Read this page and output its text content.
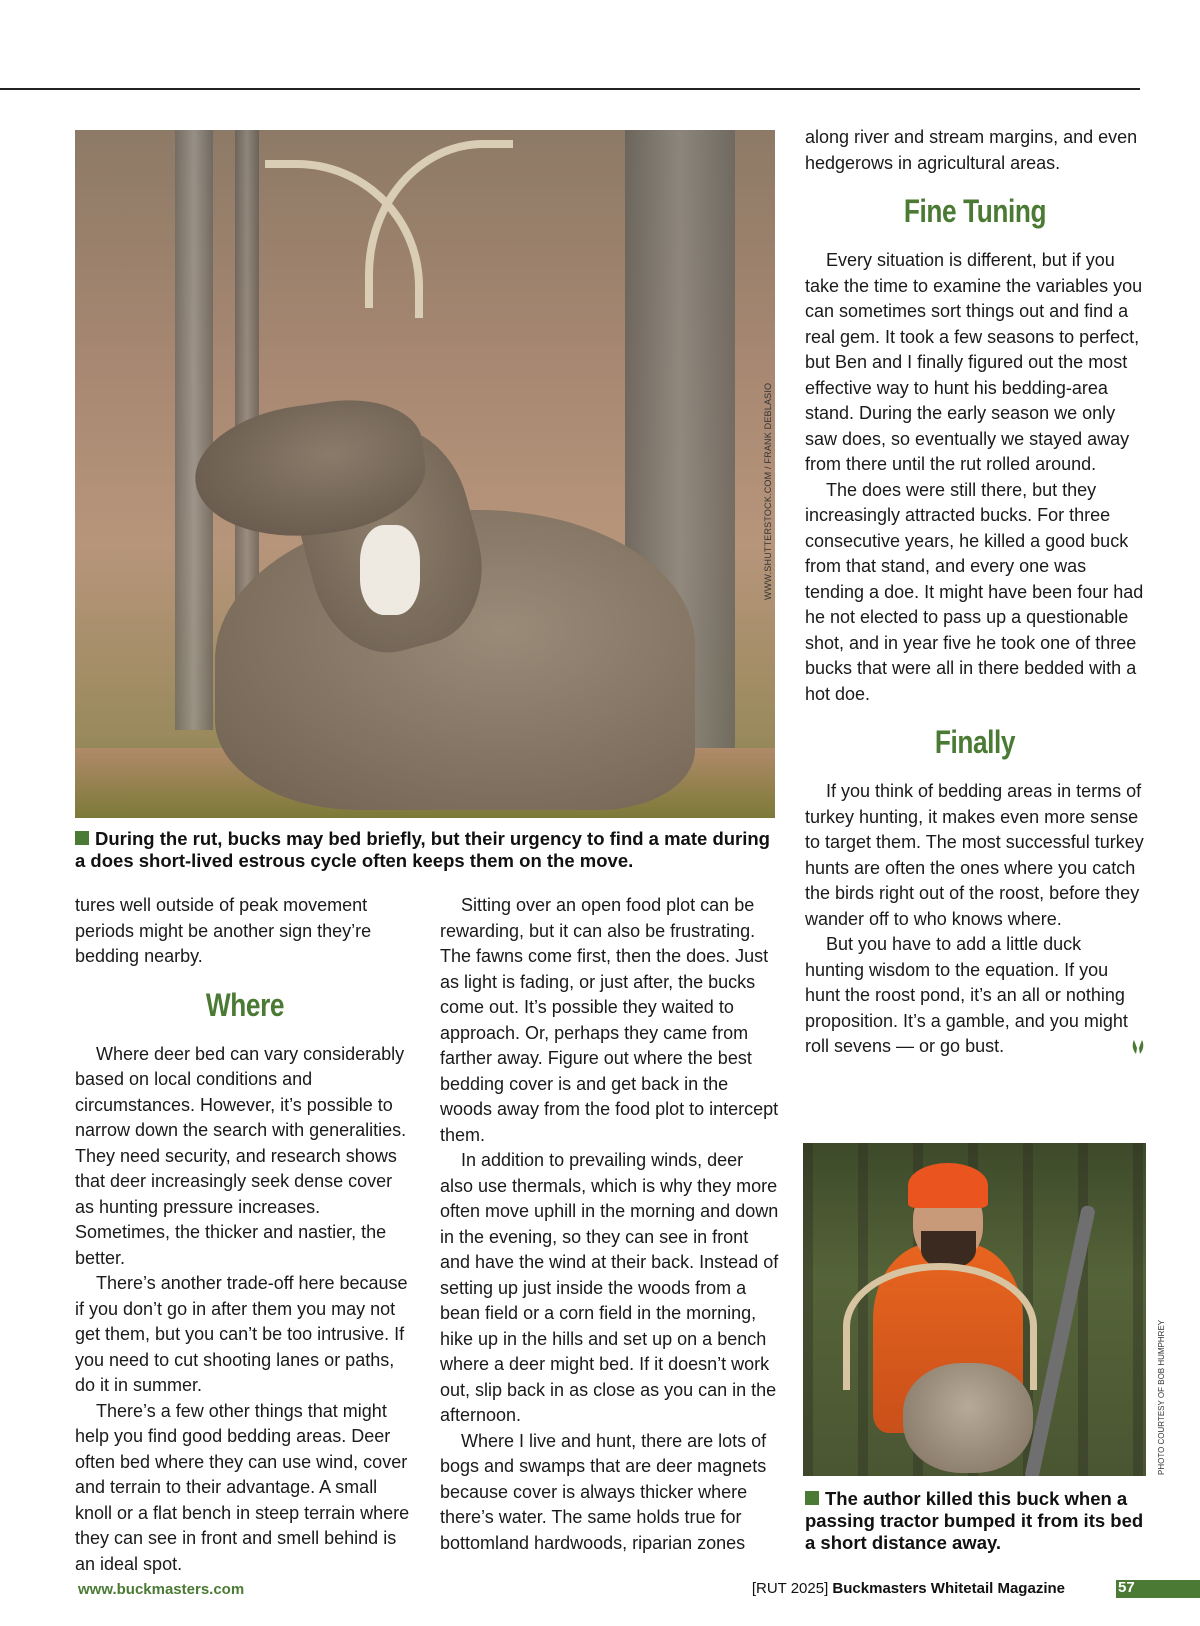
WWW.SHUTTERSTOCK.COM / FRANK DEBLASIO
During the rut, bucks may bed briefly, but their urgency to find a mate during a does short-lived estrous cycle often keeps them on the move.

tures well outside of peak movement periods might be another sign they’re bedding nearby.

Where

Where deer bed can vary considerably based on local conditions and circumstances. However, it’s possible to narrow down the search with generalities. They need security, and research shows that deer increasingly seek dense cover as hunting pressure increases. Sometimes, the thicker and nastier, the better.

There’s another trade-off here because if you don’t go in after them you may not get them, but you can’t be too intrusive. If you need to cut shooting lanes or paths, do it in summer.

There’s a few other things that might help you find good bedding areas. Deer often bed where they can use wind, cover and terrain to their advantage. A small knoll or a flat bench in steep terrain where they can see in front and smell behind is an ideal spot.

Sitting over an open food plot can be rewarding, but it can also be frustrating. The fawns come first, then the does. Just as light is fading, or just after, the bucks come out. It’s possible they waited to approach. Or, perhaps they came from farther away. Figure out where the best bedding cover is and get back in the woods away from the food plot to intercept them.

In addition to prevailing winds, deer also use thermals, which is why they more often move uphill in the morning and down in the evening, so they can see in front and have the wind at their back. Instead of setting up just inside the woods from a bean field or a corn field in the morning, hike up in the hills and set up on a bench where a deer might bed. If it doesn’t work out, slip back in as close as you can in the afternoon.

Where I live and hunt, there are lots of bogs and swamps that are deer magnets because cover is always thicker where there’s water. The same holds true for bottomland hardwoods, riparian zones

along river and stream margins, and even hedgerows in agricultural areas.

Fine Tuning

Every situation is different, but if you take the time to examine the variables you can sometimes sort things out and find a real gem. It took a few seasons to perfect, but Ben and I finally figured out the most effective way to hunt his bedding-area stand. During the early season we only saw does, so eventually we stayed away from there until the rut rolled around.

The does were still there, but they increasingly attracted bucks. For three consecutive years, he killed a good buck from that stand, and every one was tending a doe. It might have been four had he not elected to pass up a questionable shot, and in year five he took one of three bucks that were all in there bedded with a hot doe.

Finally

If you think of bedding areas in terms of turkey hunting, it makes even more sense to target them. The most successful turkey hunts are often the ones where you catch the birds right out of the roost, before they wander off to who knows where.

But you have to add a little duck hunting wisdom to the equation. If you hunt the roost pond, it’s an all or nothing proposition. It’s a gamble, and you might roll sevens — or go bust.

PHOTO COURTESY OF BOB HUMPHREY
The author killed this buck when a passing tractor bumped it from its bed a short distance away.
www.buckmasters.com	[RUT 2025] Buckmasters Whitetail Magazine	57
